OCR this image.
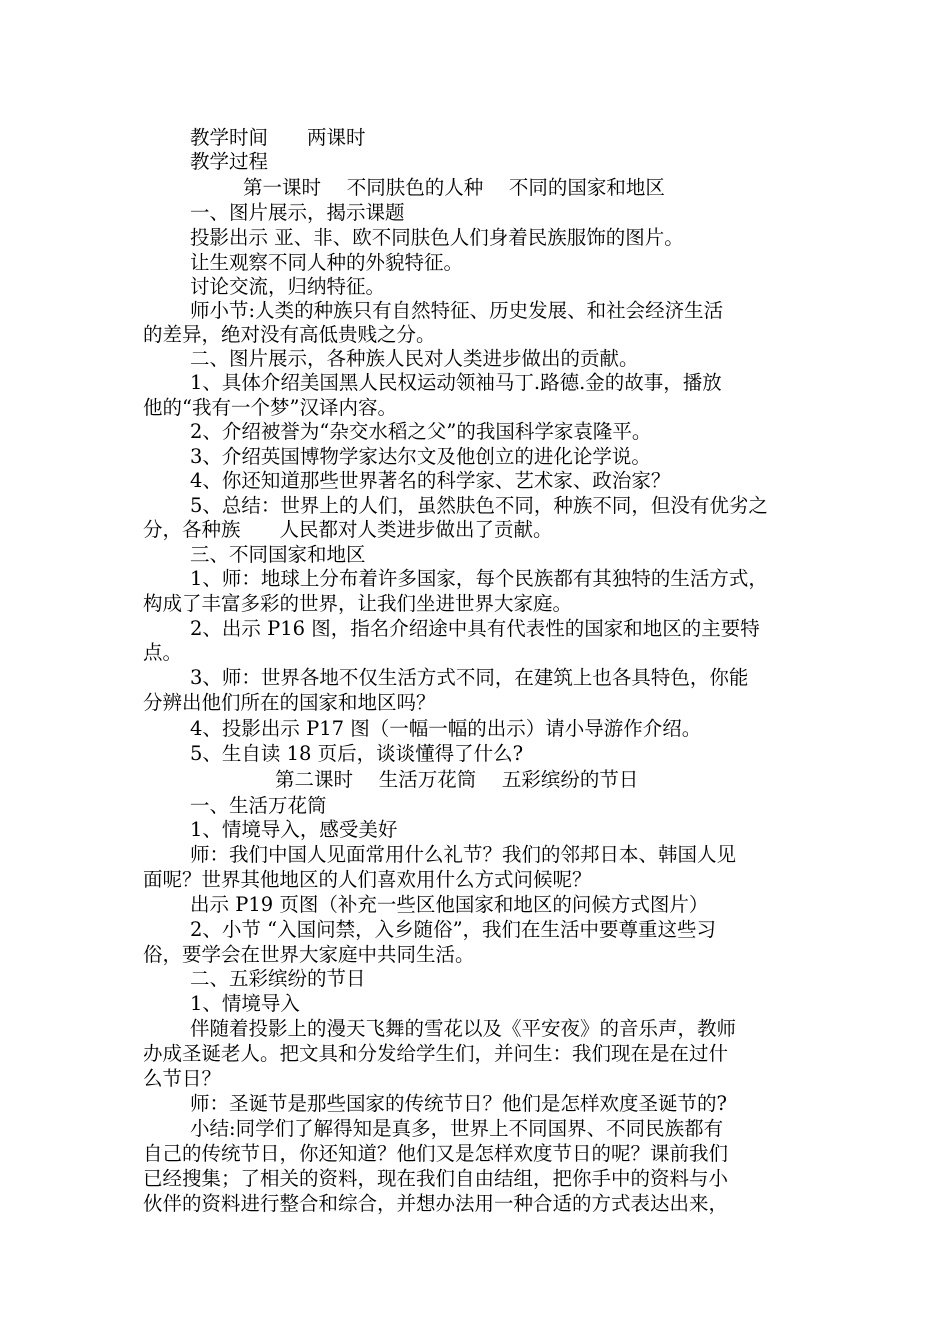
教学时间　　两课时
教学过程
第一课时　 不同肤色的人种　 不同的国家和地区
一、图片展示，揭示课题
投影出示 亚、非、欧不同肤色人们身着民族服饰的图片。
让生观察不同人种的外貌特征。
讨论交流，归纳特征。
师小节:人类的种族只有自然特征、历史发展、和社会经济生活
的差异，绝对没有高低贵贱之分。
二、图片展示，各种族人民对人类进步做出的贡献。
1、具体介绍美国黑人民权运动领袖马丁.路德.金的故事，播放
他的“我有一个梦”汉译内容。
2、介绍被誉为“杂交水稻之父”的我国科学家袁隆平。
3、介绍英国博物学家达尔文及他创立的进化论学说。
4、你还知道那些世界著名的科学家、艺术家、政治家？
5、总结：世界上的人们，虽然肤色不同，种族不同，但没有优劣之
分，各种族　　人民都对人类进步做出了贡献。
三、不同国家和地区
1、师：地球上分布着许多国家，每个民族都有其独特的生活方式，
构成了丰富多彩的世界，让我们坐进世界大家庭。
2、出示 P16 图，指名介绍途中具有代表性的国家和地区的主要特
点。
3、师：世界各地不仅生活方式不同，在建筑上也各具特色，你能
分辨出他们所在的国家和地区吗？
4、投影出示 P17 图（一幅一幅的出示）请小导游作介绍。
5、生自读 18 页后，谈谈懂得了什么?
第二课时　 生活万花筒　 五彩缤纷的节日
一、生活万花筒
1、情境导入，感受美好
师：我们中国人见面常用什么礼节？我们的邻邦日本、韩国人见
面呢？世界其他地区的人们喜欢用什么方式问候呢？
出示 P19 页图（补充一些区他国家和地区的问候方式图片）
2、小节 “入国问禁，入乡随俗”，我们在生活中要尊重这些习
俗，要学会在世界大家庭中共同生活。
二、五彩缤纷的节日
1、情境导入
伴随着投影上的漫天飞舞的雪花以及《平安夜》的音乐声，教师
办成圣诞老人。把文具和分发给学生们，并问生：我们现在是在过什
么节日？
师：圣诞节是那些国家的传统节日？他们是怎样欢度圣诞节的?
小结:同学们了解得知是真多，世界上不同国界、不同民族都有
自己的传统节日，你还知道？他们又是怎样欢度节日的呢？课前我们
已经搜集；了相关的资料，现在我们自由结组，把你手中的资料与小
伙伴的资料进行整合和综合，并想办法用一种合适的方式表达出来，
